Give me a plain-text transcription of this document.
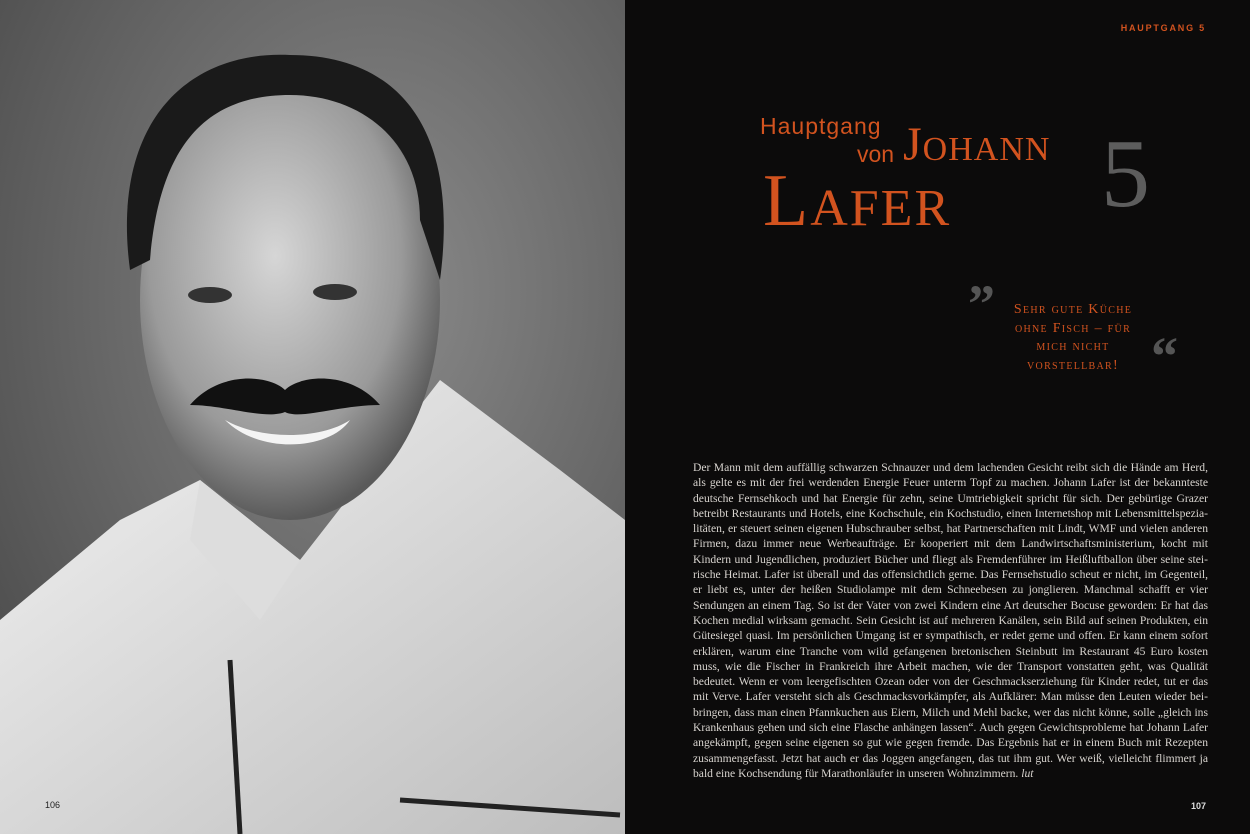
106
HAUPTGANG 5
Hauptgang
von Johann
Lafer 5
”	Sehr gute Küche ohne Fisch – für mich nicht vorstellbar! “
Der Mann mit dem auffällig schwarzen Schnauzer und dem lachenden Gesicht reibt sich die Hände am Herd, als gelte es mit der frei werdenden Energie Feuer unterm Topf zu machen. Johann Lafer ist der bekannteste deutsche Fernsehkoch und hat Energie für zehn, seine Umtriebigkeit spricht für sich. Der gebürtige Grazer betreibt Restaurants und Hotels, eine Kochschule, ein Kochstudio, einen Internetshop mit Lebensmittelspezialitäten, er steuert seinen eigenen Hubschrauber selbst, hat Partnerschaften mit Lindt, WMF und vielen anderen Firmen, dazu immer neue Werbeaufträge. Er kooperiert mit dem Landwirtschaftsministerium, kocht mit Kindern und Jugendlichen, produziert Bücher und fliegt als Fremdenführer im Heißluftballon über seine steirische Heimat. Lafer ist überall und das offensichtlich gerne. Das Fernsehstudio scheut er nicht, im Gegenteil, er liebt es, unter der heißen Studiolampe mit dem Schneebesen zu jonglieren. Manchmal schafft er vier Sendungen an einem Tag. So ist der Vater von zwei Kindern eine Art deutscher Bocuse geworden: Er hat das Kochen medial wirksam gemacht. Sein Gesicht ist auf mehreren Kanälen, sein Bild auf seinen Produkten, ein Gütesiegel quasi. Im persönlichen Umgang ist er sympathisch, er redet gerne und offen. Er kann einem sofort erklären, warum eine Tranche vom wild gefangenen bretonischen Steinbutt im Restaurant 45 Euro kosten muss, wie die Fischer in Frankreich ihre Arbeit machen, wie der Transport vonstatten geht, was Qualität bedeutet. Wenn er vom leergefischten Ozean oder von der Geschmackserziehung für Kinder redet, tut er das mit Verve. Lafer versteht sich als Geschmacksvorkämpfer, als Aufklärer: Man müsse den Leuten wieder beibringen, dass man einen Pfannkuchen aus Eiern, Milch und Mehl backe, wer das nicht könne, solle „gleich ins Krankenhaus gehen und sich eine Flasche anhängen lassen“. Auch gegen Gewichtsprobleme hat Johann Lafer angekämpft, gegen seine eigenen so gut wie gegen fremde. Das Ergebnis hat er in einem Buch mit Rezepten zusammengefasst. Jetzt hat auch er das Joggen angefangen, das tut ihm gut. Wer weiß, vielleicht flimmert ja bald eine Kochsendung für Marathonläufer in unseren Wohnzimmern. lut
107
